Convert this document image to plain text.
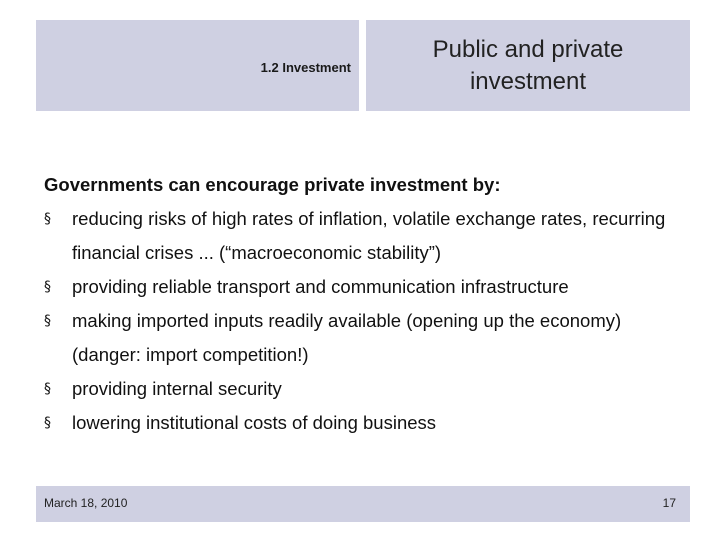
1.2 Investment
Public and private investment
Governments can encourage private investment by:
§ reducing risks of high rates of inflation, volatile exchange rates, recurring financial crises ... (“macroeconomic stability”)
§ providing reliable transport and communication infrastructure
§ making imported inputs readily available (opening up the economy) (danger: import competition!)
§ providing internal security
§ lowering institutional costs of doing business
March 18, 2010	17
